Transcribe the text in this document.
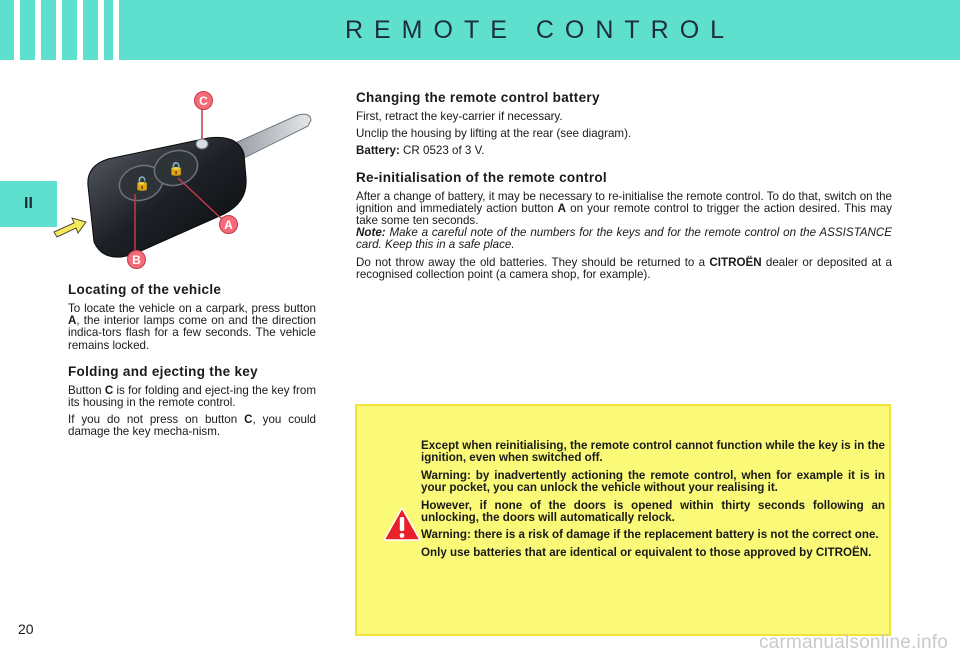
REMOTE CONTROL
II
🔓
🔒
C
A
B
Locating of the vehicle

To locate the vehicle on a carpark, press button A, the interior lamps come on and the direction indica-tors flash for a few seconds. The vehicle remains locked.

Folding and ejecting the key

Button C is for folding and eject-ing the key from its housing in the remote control.

If you do not press on button C, you could damage the key mecha-nism.

Changing the remote control battery

First, retract the key-carrier if necessary.

Unclip the housing by lifting at the rear (see diagram).

Battery: CR 0523 of 3 V.

Re-initialisation of the remote control

After a change of battery, it may be necessary to re-initialise the remote control. To do that, switch on the ignition and immediately action button A on your remote control to trigger the action desired. This may take some ten seconds.
Note: Make a careful note of the numbers for the keys and for the remote control on the ASSISTANCE card. Keep this in a safe place.

Do not throw away the old batteries. They should be returned to a CITROËN dealer or deposited at a recognised collection point (a camera shop, for example).

Except when reinitialising, the remote control cannot function while the key is in the ignition, even when switched off.

Warning: by inadvertently actioning the remote control, when for example it is in your pocket, you can unlock the vehicle without your realising it.

However, if none of the doors is opened within thirty seconds following an unlocking, the doors will automatically relock.

Warning: there is a risk of damage if the replacement battery is not the correct one.

Only use batteries that are identical or equivalent to those approved by CITROËN.

20
carmanualsonline.info
